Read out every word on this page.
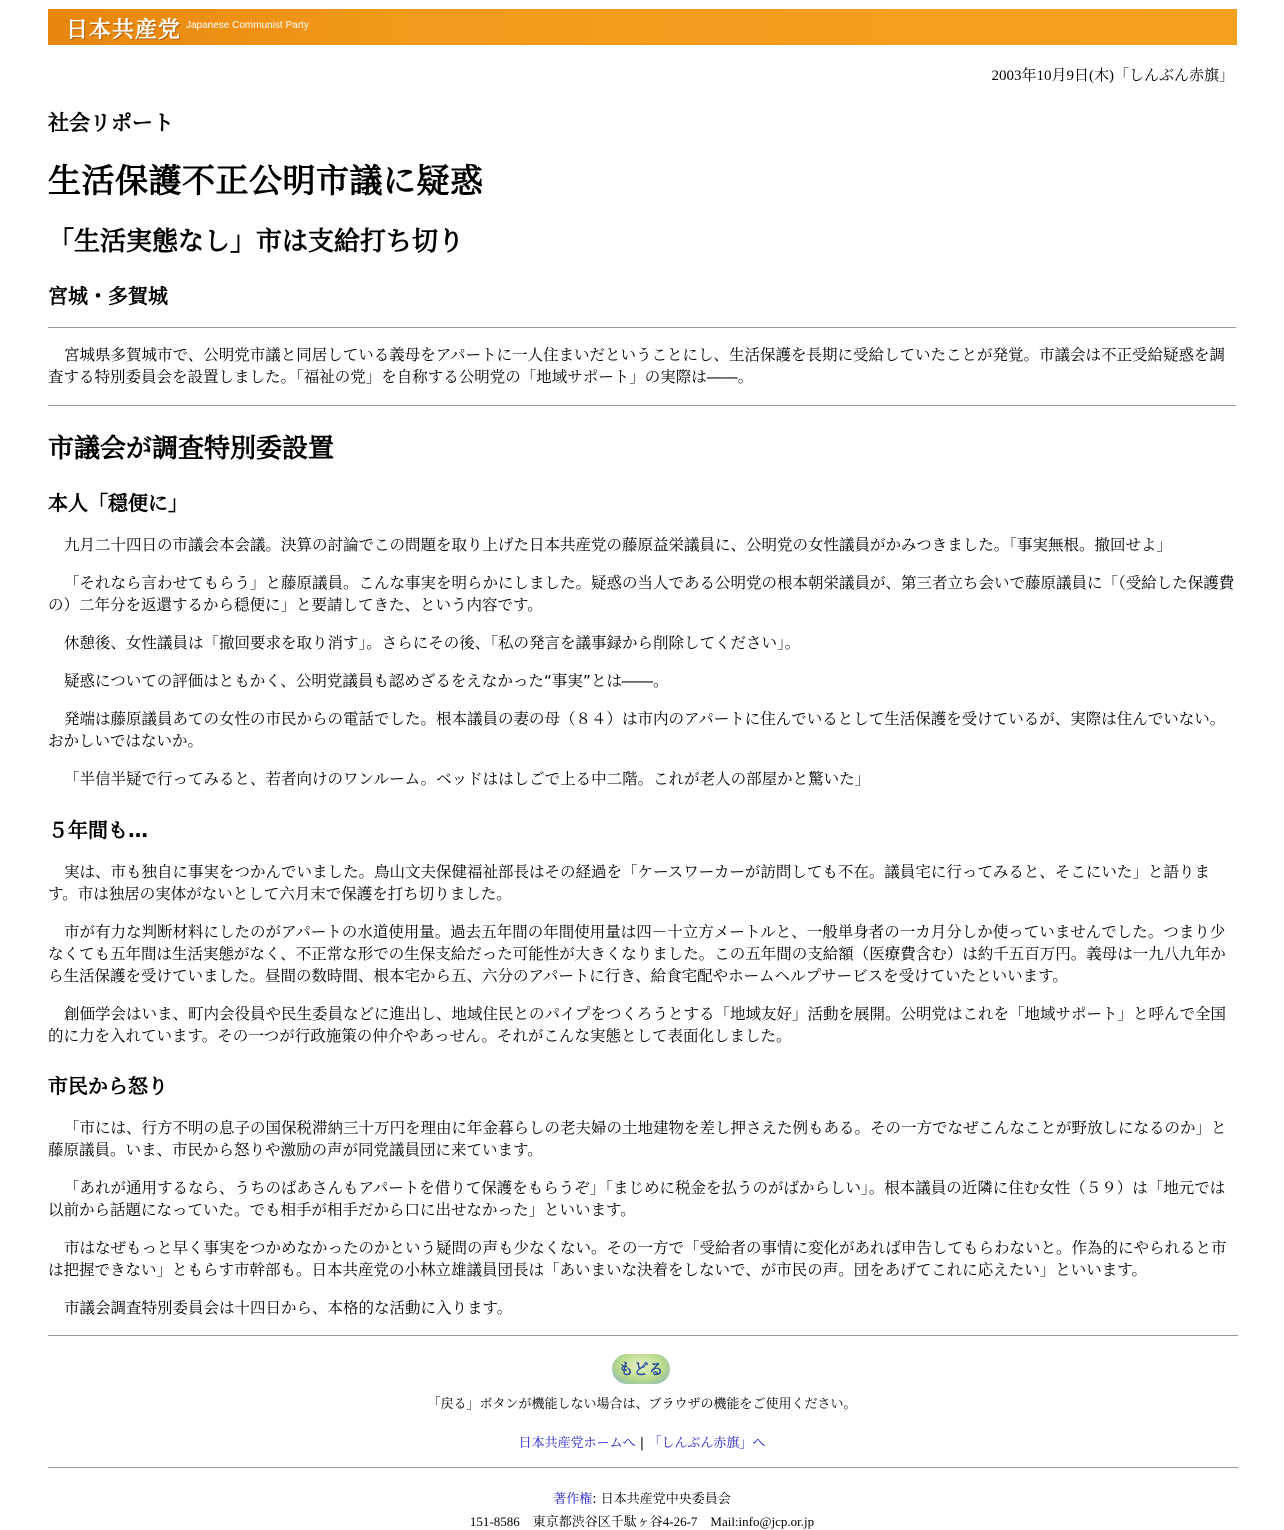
日本共産党 Japanese Communist Party
2003年10月9日(木)「しんぶん赤旗」
社会リポート
生活保護不正公明市議に疑惑
「生活実態なし」市は支給打ち切り
宮城・多賀城

宮城県多賀城市で、公明党市議と同居している義母をアパートに一人住まいだということにし、生活保護を長期に受給していたことが発覚。市議会は不正受給疑惑を調査する特別委員会を設置しました。「福祉の党」を自称する公明党の「地域サポート」の実際は――。

市議会が調査特別委設置
本人「穏便に」

九月二十四日の市議会本会議。決算の討論でこの問題を取り上げた日本共産党の藤原益栄議員に、公明党の女性議員がかみつきました。「事実無根。撤回せよ」

「それなら言わせてもらう」と藤原議員。こんな事実を明らかにしました。疑惑の当人である公明党の根本朝栄議員が、第三者立ち会いで藤原議員に「（受給した保護費の）二年分を返還するから穏便に」と要請してきた、という内容です。

休憩後、女性議員は「撤回要求を取り消す」。さらにその後、「私の発言を議事録から削除してください」。

疑惑についての評価はともかく、公明党議員も認めざるをえなかった“事実”とは――。

発端は藤原議員あての女性の市民からの電話でした。根本議員の妻の母（８４）は市内のアパートに住んでいるとして生活保護を受けているが、実際は住んでいない。おかしいではないか。

「半信半疑で行ってみると、若者向けのワンルーム。ベッドははしごで上る中二階。これが老人の部屋かと驚いた」

５年間も…

実は、市も独自に事実をつかんでいました。鳥山文夫保健福祉部長はその経過を「ケースワーカーが訪問しても不在。議員宅に行ってみると、そこにいた」と語ります。市は独居の実体がないとして六月末で保護を打ち切りました。

市が有力な判断材料にしたのがアパートの水道使用量。過去五年間の年間使用量は四－十立方メートルと、一般単身者の一カ月分しか使っていませんでした。つまり少なくても五年間は生活実態がなく、不正常な形での生保支給だった可能性が大きくなりました。この五年間の支給額（医療費含む）は約千五百万円。義母は一九八九年から生活保護を受けていました。昼間の数時間、根本宅から五、六分のアパートに行き、給食宅配やホームヘルプサービスを受けていたといいます。

創価学会はいま、町内会役員や民生委員などに進出し、地域住民とのパイプをつくろうとする「地域友好」活動を展開。公明党はこれを「地域サポート」と呼んで全国的に力を入れています。その一つが行政施策の仲介やあっせん。それがこんな実態として表面化しました。

市民から怒り

「市には、行方不明の息子の国保税滞納三十万円を理由に年金暮らしの老夫婦の土地建物を差し押さえた例もある。その一方でなぜこんなことが野放しになるのか」と藤原議員。いま、市民から怒りや激励の声が同党議員団に来ています。

「あれが通用するなら、うちのばあさんもアパートを借りて保護をもらうぞ」「まじめに税金を払うのがばからしい」。根本議員の近隣に住む女性（５９）は「地元では以前から話題になっていた。でも相手が相手だから口に出せなかった」といいます。

市はなぜもっと早く事実をつかめなかったのかという疑問の声も少なくない。その一方で「受給者の事情に変化があれば申告してもらわないと。作為的にやられると市は把握できない」ともらす市幹部も。日本共産党の小林立雄議員団長は「あいまいな決着をしないで、が市民の声。団をあげてこれに応えたい」といいます。

市議会調査特別委員会は十四日から、本格的な活動に入ります。

もどる
「戻る」ボタンが機能しない場合は、ブラウザの機能をご使用ください。
日本共産党ホームへ | 「しんぶん赤旗」へ
著作権: 日本共産党中央委員会
151-8586　東京都渋谷区千駄ヶ谷4-26-7　Mail:info@jcp.or.jp
